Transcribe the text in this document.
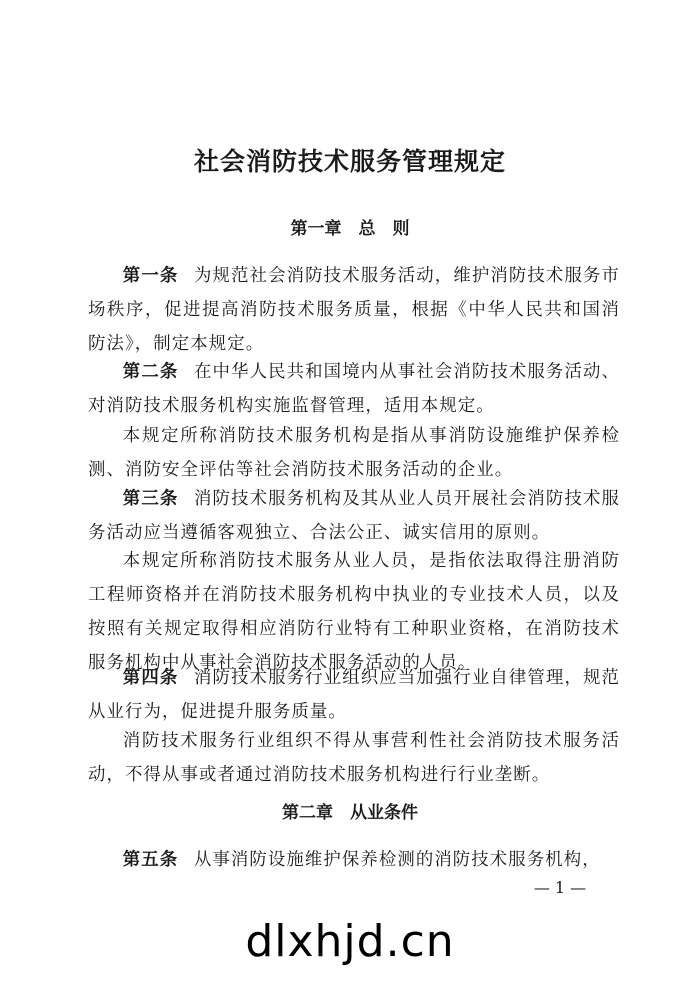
社会消防技术服务管理规定
第一章　总　则

第一条 为规范社会消防技术服务活动，维护消防技术服务市场秩序，促进提高消防技术服务质量，根据《中华人民共和国消防法》，制定本规定。

第二条 在中华人民共和国境内从事社会消防技术服务活动、对消防技术服务机构实施监督管理，适用本规定。

本规定所称消防技术服务机构是指从事消防设施维护保养检测、消防安全评估等社会消防技术服务活动的企业。

第三条 消防技术服务机构及其从业人员开展社会消防技术服务活动应当遵循客观独立、合法公正、诚实信用的原则。

本规定所称消防技术服务从业人员，是指依法取得注册消防工程师资格并在消防技术服务机构中执业的专业技术人员，以及按照有关规定取得相应消防行业特有工种职业资格，在消防技术服务机构中从事社会消防技术服务活动的人员。

第四条 消防技术服务行业组织应当加强行业自律管理，规范从业行为，促进提升服务质量。

消防技术服务行业组织不得从事营利性社会消防技术服务活动，不得从事或者通过消防技术服务机构进行行业垄断。

第二章　从业条件

第五条 从事消防设施维护保养检测的消防技术服务机构，

— 1 —
dlxhjd.cn
